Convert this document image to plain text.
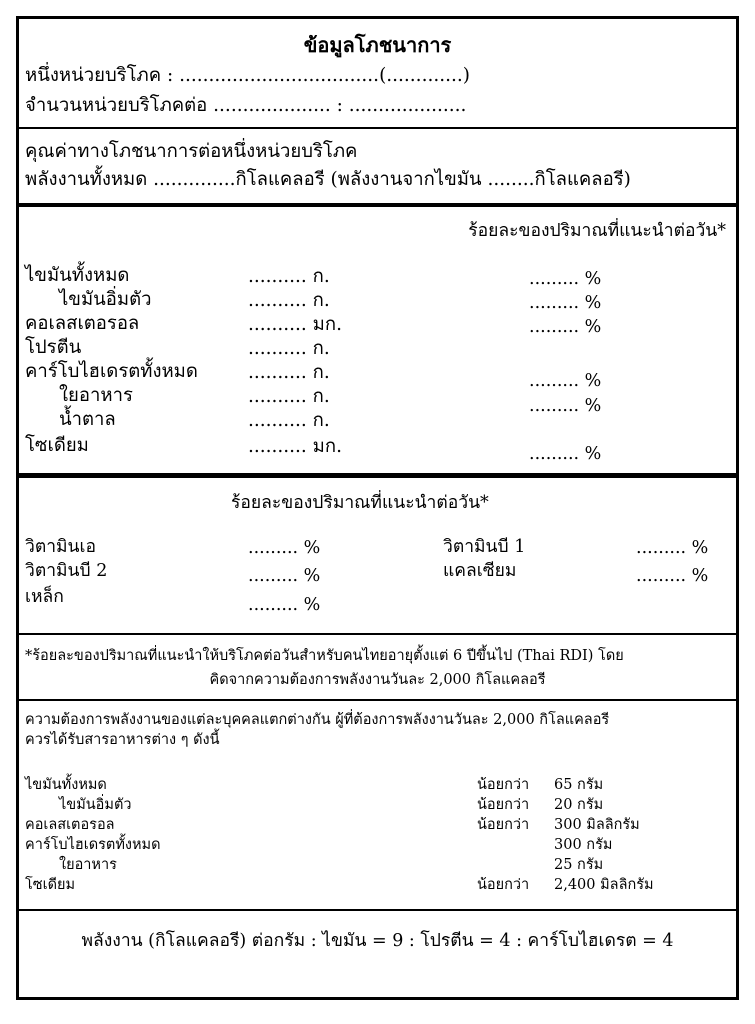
ข้อมูลโภชนาการ
หนึ่งหน่วยบริโภค : ..................................(.............)
จำนวนหน่วยบริโภคต่อ .................... : ....................
คุณค่าทางโภชนาการต่อหนึ่งหน่วยบริโภค
พลังงานทั้งหมด ..............กิโลแคลอรี (พลังงานจากไขมัน ........กิโลแคลอรี)
ร้อยละของปริมาณที่แนะนำต่อวัน*
ไขมันทั้งหมด	.......... ก.	......... %
ไขมันอิ่มตัว	.......... ก.	......... %
คอเลสเตอรอล	.......... มก.	......... %
โปรตีน	.......... ก.
คาร์โบไฮเดรตทั้งหมด	.......... ก.	......... %
ใยอาหาร	.......... ก.	......... %
น้ำตาล	.......... ก.
โซเดียม	.......... มก.	......... %
ร้อยละของปริมาณที่แนะนำต่อวัน*
วิตามินเอ	......... %	วิตามินบี 1	......... %
วิตามินบี 2	......... %	แคลเซียม	......... %
เหล็ก	......... %
*ร้อยละของปริมาณที่แนะนำให้บริโภคต่อวันสำหรับคนไทยอายุตั้งแต่ 6 ปีขึ้นไป (Thai RDI) โดย
คิดจากความต้องการพลังงานวันละ 2,000 กิโลแคลอรี
ความต้องการพลังงานของแต่ละบุคคลแตกต่างกัน ผู้ที่ต้องการพลังงานวันละ 2,000 กิโลแคลอรี
ควรได้รับสารอาหารต่าง ๆ ดังนี้
ไขมันทั้งหมด	น้อยกว่า 65 กรัม
ไขมันอิ่มตัว	น้อยกว่า 20 กรัม
คอเลสเตอรอล	น้อยกว่า 300 มิลลิกรัม
คาร์โบไฮเดรตทั้งหมด	300 กรัม
ใยอาหาร	25 กรัม
โซเดียม	น้อยกว่า 2,400 มิลลิกรัม
พลังงาน (กิโลแคลอรี) ต่อกรัม : ไขมัน = 9 : โปรตีน = 4 : คาร์โบไฮเดรต = 4
